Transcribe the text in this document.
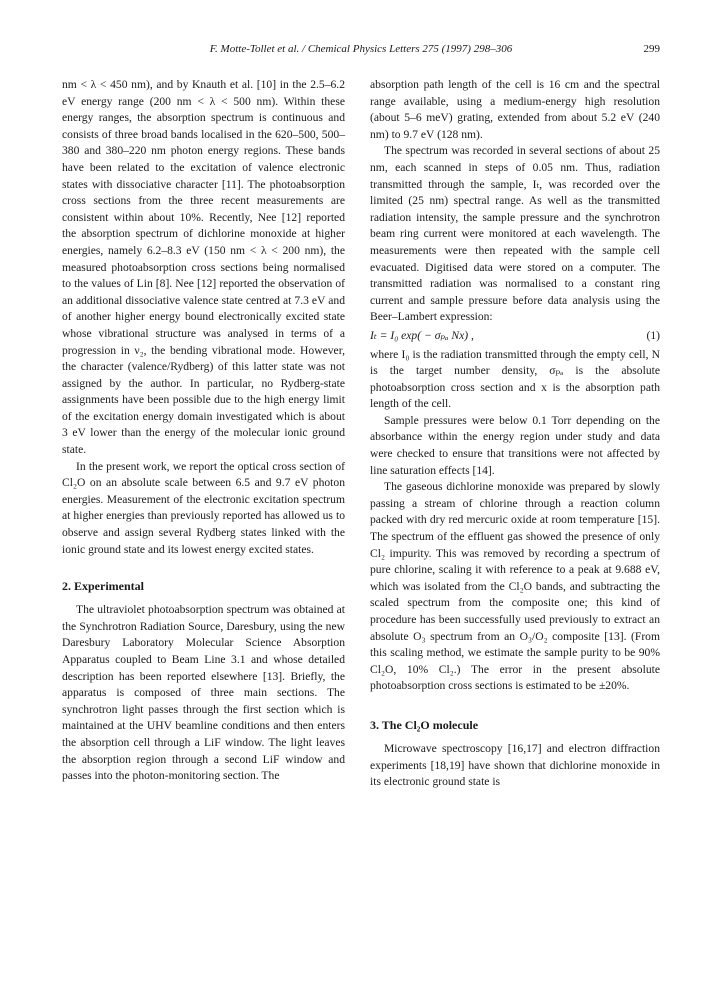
F. Motte-Tollet et al. / Chemical Physics Letters 275 (1997) 298–306	299

nm < λ < 450 nm), and by Knauth et al. [10] in the 2.5–6.2 eV energy range (200 nm < λ < 500 nm). Within these energy ranges, the absorption spectrum is continuous and consists of three broad bands localised in the 620–500, 500–380 and 380–220 nm photon energy regions. These bands have been related to the excitation of valence electronic states with dissociative character [11]. The photoabsorption cross sections from the three recent measurements are consistent within about 10%. Recently, Nee [12] reported the absorption spectrum of dichlorine monoxide at higher energies, namely 6.2–8.3 eV (150 nm < λ < 200 nm), the measured photoabsorption cross sections being normalised to the values of Lin [8]. Nee [12] reported the observation of an additional dissociative valence state centred at 7.3 eV and of another higher energy bound electronically excited state whose vibrational structure was analysed in terms of a progression in ν₂, the bending vibrational mode. However, the character (valence/Rydberg) of this latter state was not assigned by the author. In particular, no Rydberg-state assignments have been possible due to the high energy limit of the excitation energy domain investigated which is about 3 eV lower than the energy of the molecular ionic ground state.

In the present work, we report the optical cross section of Cl₂O on an absolute scale between 6.5 and 9.7 eV photon energies. Measurement of the electronic excitation spectrum at higher energies than previously reported has allowed us to observe and assign several Rydberg states linked with the ionic ground state and its lowest energy excited states.

2. Experimental

The ultraviolet photoabsorption spectrum was obtained at the Synchrotron Radiation Source, Daresbury, using the new Daresbury Laboratory Molecular Science Absorption Apparatus coupled to Beam Line 3.1 and whose detailed description has been reported elsewhere [13]. Briefly, the apparatus is composed of three main sections. The synchrotron light passes through the first section which is maintained at the UHV beamline conditions and then enters the absorption cell through a LiF window. The light leaves the absorption region through a second LiF window and passes into the photon-monitoring section. The

absorption path length of the cell is 16 cm and the spectral range available, using a medium-energy high resolution (about 5–6 meV) grating, extended from about 5.2 eV (240 nm) to 9.7 eV (128 nm).

The spectrum was recorded in several sections of about 25 nm, each scanned in steps of 0.05 nm. Thus, radiation transmitted through the sample, Iₜ, was recorded over the limited (25 nm) spectral range. As well as the transmitted radiation intensity, the sample pressure and the synchrotron beam ring current were monitored at each wavelength. The measurements were then repeated with the sample cell evacuated. Digitised data were stored on a computer. The transmitted radiation was normalised to a constant ring current and sample pressure before data analysis using the Beer–Lambert expression:

Iₜ = I₀ exp( − σₚₐ Nx) ,	(1)

where I₀ is the radiation transmitted through the empty cell, N is the target number density, σₚₐ is the absolute photoabsorption cross section and x is the absorption path length of the cell.

Sample pressures were below 0.1 Torr depending on the absorbance within the energy region under study and data were checked to ensure that transitions were not affected by line saturation effects [14].

The gaseous dichlorine monoxide was prepared by slowly passing a stream of chlorine through a reaction column packed with dry red mercuric oxide at room temperature [15]. The spectrum of the effluent gas showed the presence of only Cl₂ impurity. This was removed by recording a spectrum of pure chlorine, scaling it with reference to a peak at 9.688 eV, which was isolated from the Cl₂O bands, and subtracting the scaled spectrum from the composite one; this kind of procedure has been successfully used previously to extract an absolute O₃ spectrum from an O₃/O₂ composite [13]. (From this scaling method, we estimate the sample purity to be 90% Cl₂O, 10% Cl₂.) The error in the present absolute photoabsorption cross sections is estimated to be ±20%.

3. The Cl₂O molecule

Microwave spectroscopy [16,17] and electron diffraction experiments [18,19] have shown that dichlorine monoxide in its electronic ground state is
